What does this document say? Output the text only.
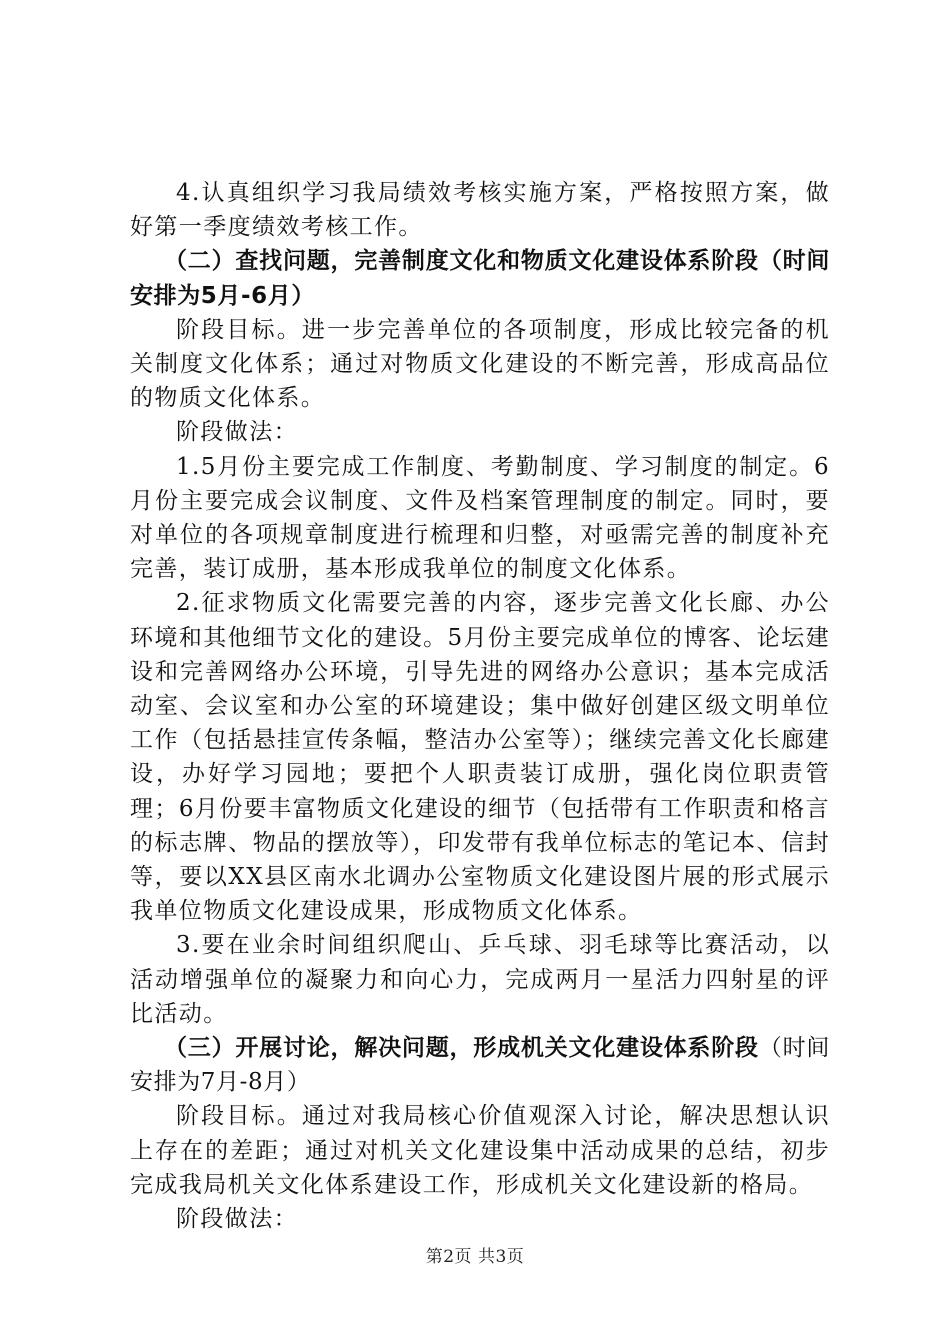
4.认真组织学习我局绩效考核实施方案，严格按照方案，做好第一季度绩效考核工作。

（二）查找问题，完善制度文化和物质文化建设体系阶段（时间安排为5月-6月）

阶段目标。进一步完善单位的各项制度，形成比较完备的机关制度文化体系；通过对物质文化建设的不断完善，形成高品位的物质文化体系。

阶段做法：

1.5月份主要完成工作制度、考勤制度、学习制度的制定。6月份主要完成会议制度、文件及档案管理制度的制定。同时，要对单位的各项规章制度进行梳理和归整，对亟需完善的制度补充完善，装订成册，基本形成我单位的制度文化体系。

2.征求物质文化需要完善的内容，逐步完善文化长廊、办公环境和其他细节文化的建设。5月份主要完成单位的博客、论坛建设和完善网络办公环境，引导先进的网络办公意识；基本完成活动室、会议室和办公室的环境建设；集中做好创建区级文明单位工作（包括悬挂宣传条幅，整洁办公室等）；继续完善文化长廊建设，办好学习园地；要把个人职责装订成册，强化岗位职责管理；6月份要丰富物质文化建设的细节（包括带有工作职责和格言的标志牌、物品的摆放等），印发带有我单位标志的笔记本、信封等，要以XX县区南水北调办公室物质文化建设图片展的形式展示我单位物质文化建设成果，形成物质文化体系。

3.要在业余时间组织爬山、乒乓球、羽毛球等比赛活动，以活动增强单位的凝聚力和向心力，完成两月一星活力四射星的评比活动。

（三）开展讨论，解决问题，形成机关文化建设体系阶段（时间安排为7月-8月）

阶段目标。通过对我局核心价值观深入讨论，解决思想认识上存在的差距；通过对机关文化建设集中活动成果的总结，初步完成我局机关文化体系建设工作，形成机关文化建设新的格局。

阶段做法：

第2页 共3页
